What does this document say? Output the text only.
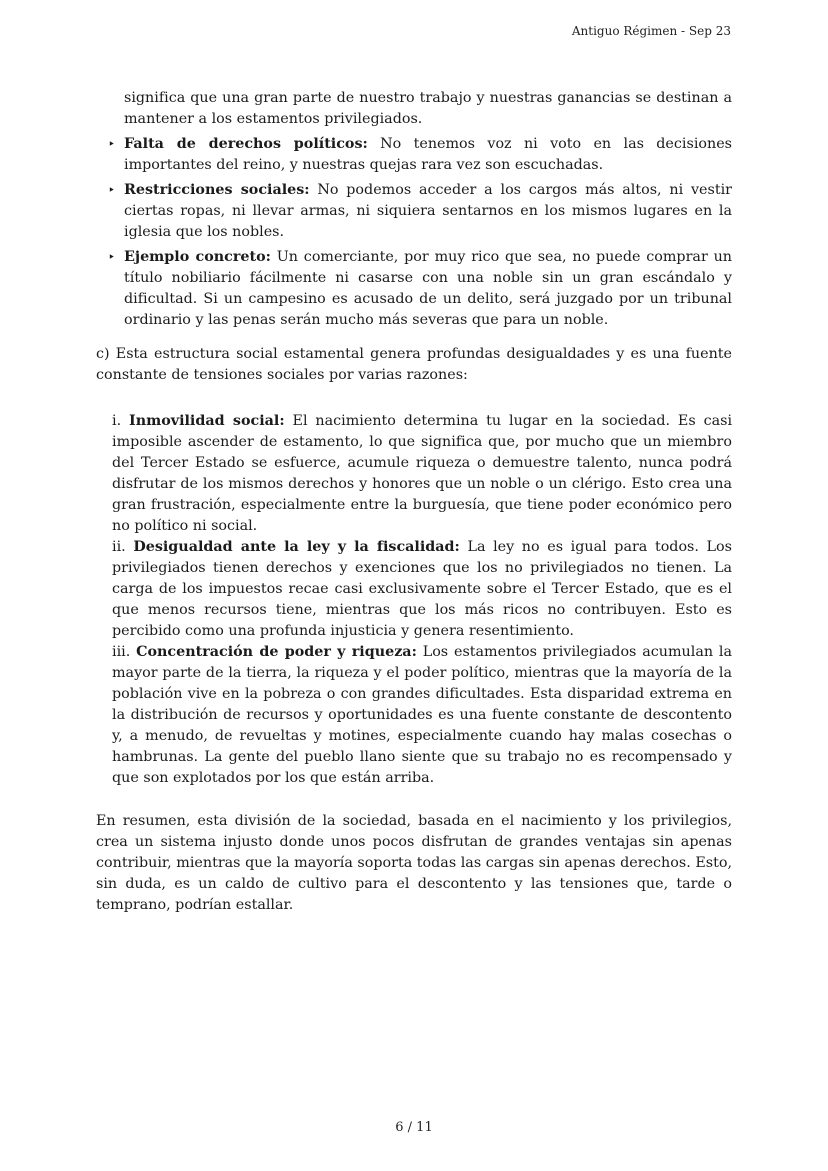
Antiguo Régimen - Sep 23

significa que una gran parte de nuestro trabajo y nuestras ganancias se destinan a mantener a los estamentos privilegiados.

‣ Falta de derechos políticos: No tenemos voz ni voto en las decisiones importantes del reino, y nuestras quejas rara vez son escuchadas.

‣ Restricciones sociales: No podemos acceder a los cargos más altos, ni vestir ciertas ropas, ni llevar armas, ni siquiera sentarnos en los mismos lugares en la iglesia que los nobles.

‣ Ejemplo concreto: Un comerciante, por muy rico que sea, no puede comprar un título nobiliario fácilmente ni casarse con una noble sin un gran escándalo y dificultad. Si un campesino es acusado de un delito, será juzgado por un tribunal ordinario y las penas serán mucho más severas que para un noble.

c) Esta estructura social estamental genera profundas desigualdades y es una fuente constante de tensiones sociales por varias razones:

i. Inmovilidad social: El nacimiento determina tu lugar en la sociedad. Es casi imposible ascender de estamento, lo que significa que, por mucho que un miembro del Tercer Estado se esfuerce, acumule riqueza o demuestre talento, nunca podrá disfrutar de los mismos derechos y honores que un noble o un clérigo. Esto crea una gran frustración, especialmente entre la burguesía, que tiene poder económico pero no político ni social.

ii. Desigualdad ante la ley y la fiscalidad: La ley no es igual para todos. Los privilegiados tienen derechos y exenciones que los no privilegiados no tienen. La carga de los impuestos recae casi exclusivamente sobre el Tercer Estado, que es el que menos recursos tiene, mientras que los más ricos no contribuyen. Esto es percibido como una profunda injusticia y genera resentimiento.

iii. Concentración de poder y riqueza: Los estamentos privilegiados acumulan la mayor parte de la tierra, la riqueza y el poder político, mientras que la mayoría de la población vive en la pobreza o con grandes dificultades. Esta disparidad extrema en la distribución de recursos y oportunidades es una fuente constante de descontento y, a menudo, de revueltas y motines, especialmente cuando hay malas cosechas o hambrunas. La gente del pueblo llano siente que su trabajo no es recompensado y que son explotados por los que están arriba.

En resumen, esta división de la sociedad, basada en el nacimiento y los privilegios, crea un sistema injusto donde unos pocos disfrutan de grandes ventajas sin apenas contribuir, mientras que la mayoría soporta todas las cargas sin apenas derechos. Esto, sin duda, es un caldo de cultivo para el descontento y las tensiones que, tarde o temprano, podrían estallar.

6 / 11
